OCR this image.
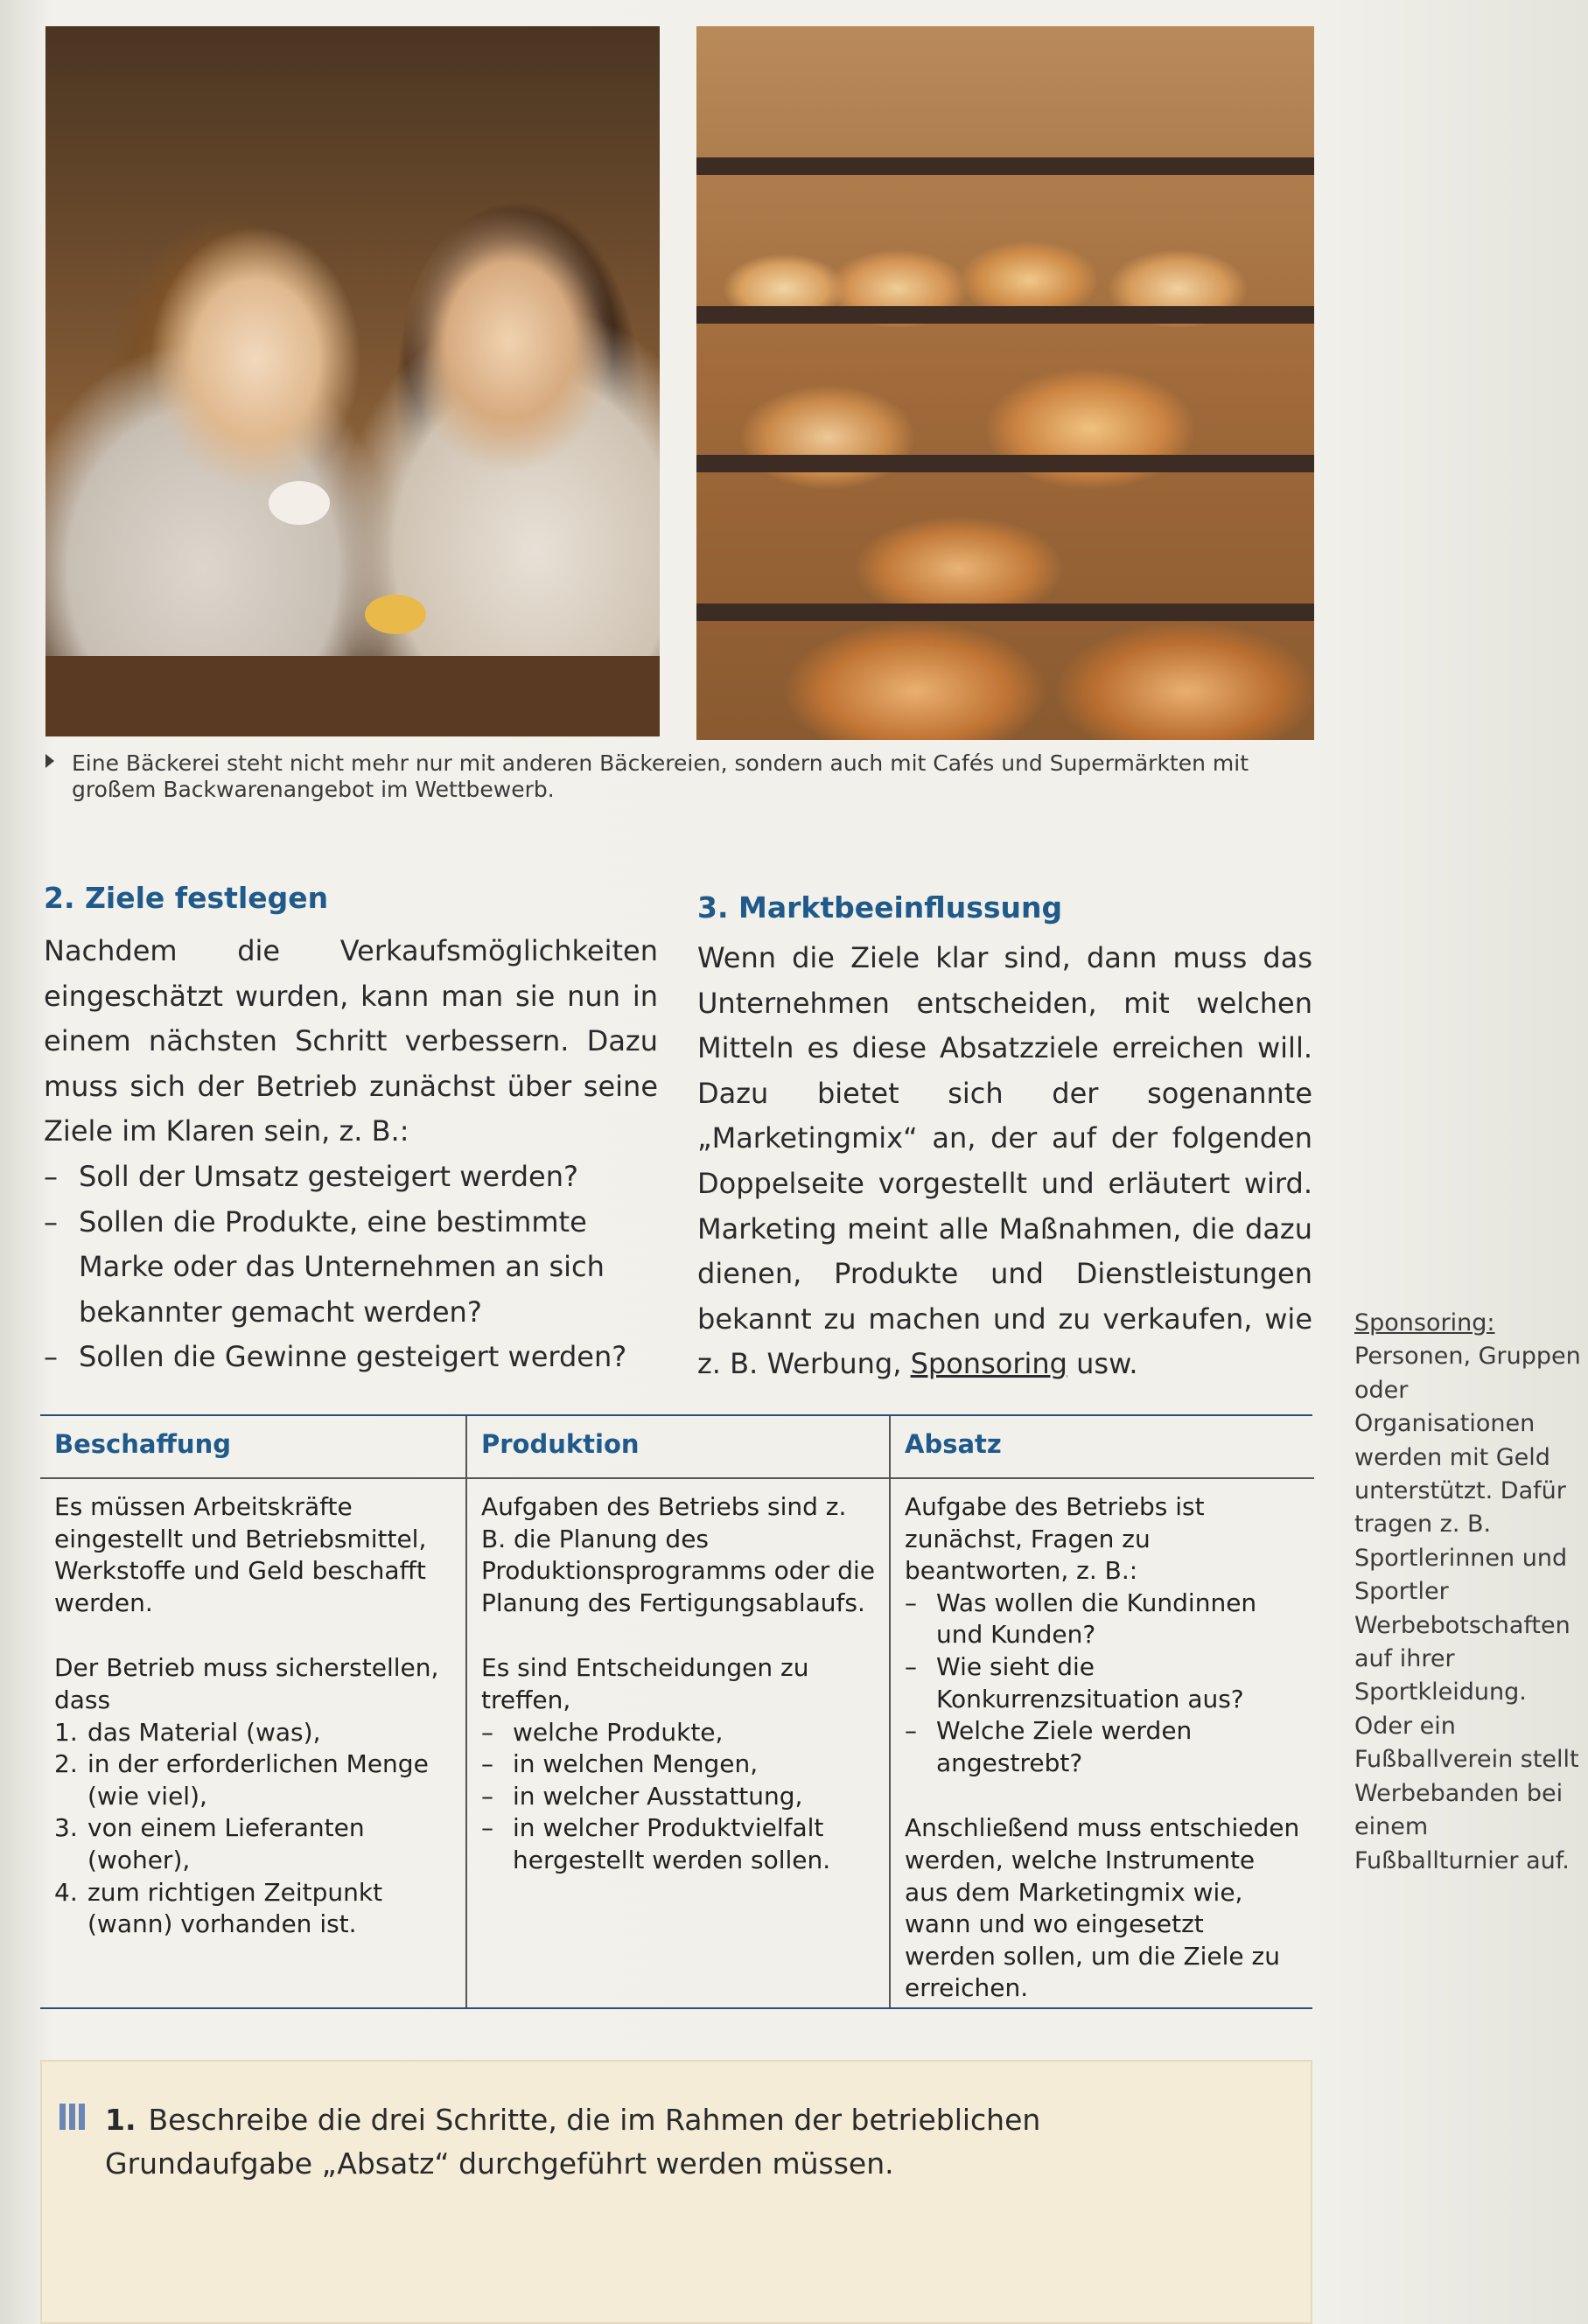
Eine Bäckerei steht nicht mehr nur mit anderen Bäckereien, sondern auch mit Cafés und Supermärkten mit großem Backwarenangebot im Wettbewerb.
2. Ziele festlegen

Nachdem die Verkaufsmöglichkeiten eingeschätzt wurden, kann man sie nun in einem nächsten Schritt verbessern. Dazu muss sich der Betrieb zunächst über seine Ziele im Klaren sein, z. B.:

– Soll der Umsatz gesteigert werden?
– Sollen die Produkte, eine bestimmte Marke oder das Unternehmen an sich bekannter gemacht werden?
– Sollen die Gewinne gesteigert werden?
3. Marktbeeinflussung

Wenn die Ziele klar sind, dann muss das Unternehmen entscheiden, mit welchen Mitteln es diese Absatzziele erreichen will. Dazu bietet sich der sogenannte „Marketingmix“ an, der auf der folgenden Doppelseite vorgestellt und erläutert wird. Marketing meint alle Maßnahmen, die dazu dienen, Produkte und Dienstleistungen bekannt zu machen und zu verkaufen, wie z. B. Werbung, Sponsoring usw.

Beschaffung

Es müssen Arbeitskräfte eingestellt und Betriebsmittel, Werkstoffe und Geld beschafft werden.

Der Betrieb muss sicherstellen, dass

1. das Material (was),
2. in der erforderlichen Menge (wie viel),
3. von einem Lieferanten (woher),
4. zum richtigen Zeitpunkt (wann) vorhanden ist.
Produktion

Aufgaben des Betriebs sind z. B. die Planung des Produktionsprogramms oder die Planung des Fertigungsablaufs.

Es sind Entscheidungen zu treffen,

– welche Produkte,
– in welchen Mengen,
– in welcher Ausstattung,
– in welcher Produktvielfalt hergestellt werden sollen.
Absatz

Aufgabe des Betriebs ist zunächst, Fragen zu beantworten, z. B.:

– Was wollen die Kundinnen und Kunden?
– Wie sieht die Konkurrenzsituation aus?
– Welche Ziele werden angestrebt?

Anschließend muss entschieden werden, welche Instrumente aus dem Marketingmix wie, wann und wo eingesetzt werden sollen, um die Ziele zu erreichen.

Sponsoring:
Personen, Gruppen oder Organisationen werden mit Geld unterstützt. Dafür tragen z. B. Sportlerinnen und Sportler Werbebotschaften auf ihrer Sportkleidung. Oder ein Fußballverein stellt Werbebanden bei einem Fußballturnier auf.
1. Beschreibe die drei Schritte, die im Rahmen der betrieblichen Grundaufgabe „Absatz“ durchgeführt werden müssen.
